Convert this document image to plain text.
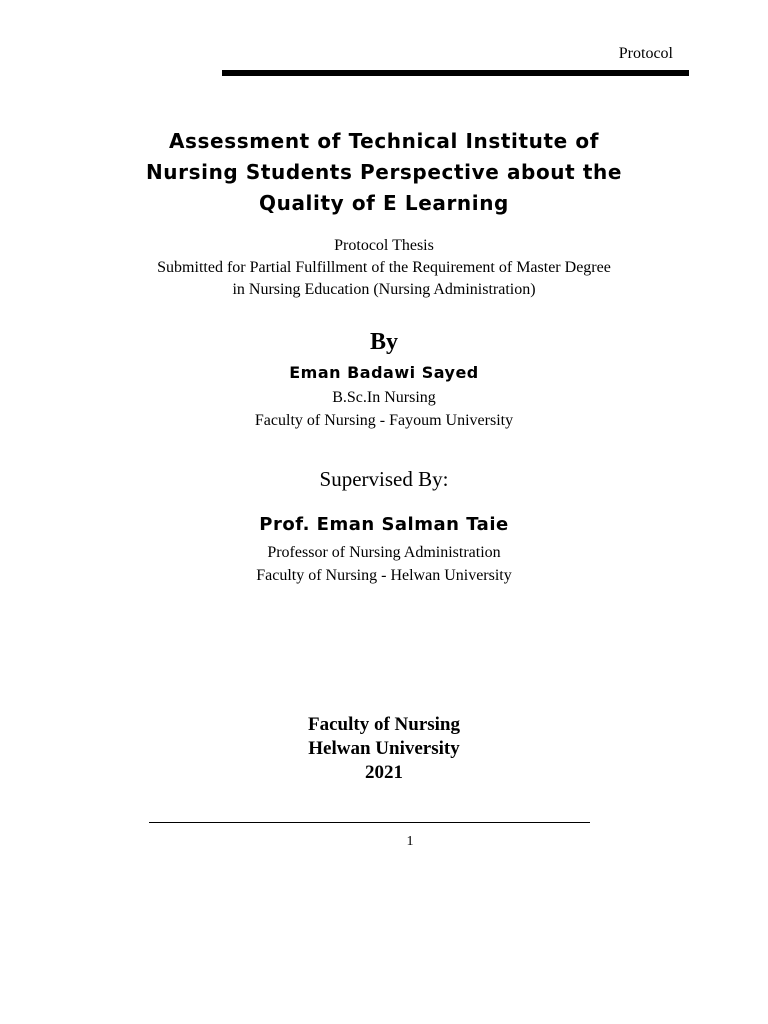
Protocol
Assessment of Technical Institute of
Nursing Students Perspective about the
Quality of E Learning
Protocol Thesis
Submitted for Partial Fulfillment of the Requirement of Master Degree
in Nursing Education (Nursing Administration)
By
Eman Badawi Sayed
B.Sc.In Nursing
Faculty of Nursing - Fayoum University
Supervised By:
Prof. Eman Salman Taie
Professor of Nursing Administration
Faculty of Nursing - Helwan University
Faculty of Nursing
Helwan University
2021
1
